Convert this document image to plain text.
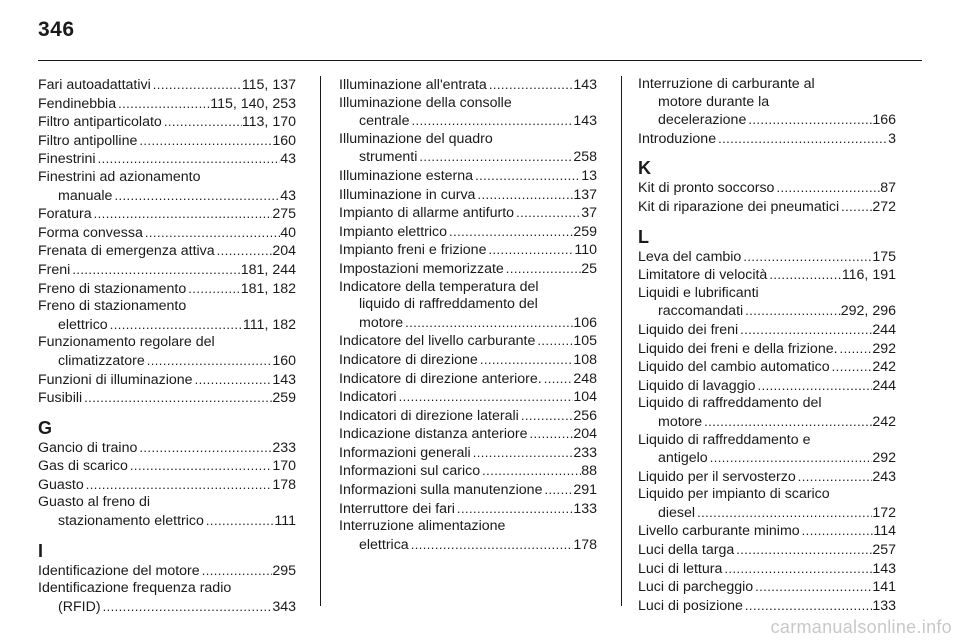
346
Fari autoadattativi . . .	115, 137
Fendinebbia . . .	115, 140, 253
Filtro antiparticolato . . .	113, 170
Filtro antipolline . . .	160
Finestrini . . .	43
Finestrini ad azionamento
manuale . . .	43
Foratura . . .	275
Forma convessa . . .	40
Frenata di emergenza attiva . . .	204
Freni . . .	181, 244
Freno di stazionamento . . .	181, 182
Freno di stazionamento
elettrico . . .	111, 182
Funzionamento regolare del
climatizzatore . . .	160
Funzioni di illuminazione . . .	143
Fusibili . . .	259
G
Gancio di traino . . .	233
Gas di scarico . . .	170
Guasto . . .	178
Guasto al freno di
stazionamento elettrico . . .	111
I
Identificazione del motore . . .	295
Identificazione frequenza radio
(RFID) . . .	343
Illuminazione all'entrata . . .	143
Illuminazione della consolle
centrale . . .	143
Illuminazione del quadro
strumenti . . .	258
Illuminazione esterna . . .	13
Illuminazione in curva . . .	137
Impianto di allarme antifurto . . .	37
Impianto elettrico . . .	259
Impianto freni e frizione . . .	110
Impostazioni memorizzate . . .	25
Indicatore della temperatura del
liquido di raffreddamento del
motore . . .	106
Indicatore del livello carburante . . .	105
Indicatore di direzione . . .	108
Indicatore di direzione anteriore. . . . 248
Indicatori . . .	104
Indicatori di direzione laterali . . .	256
Indicazione distanza anteriore . . .	204
Informazioni generali . . .	233
Informazioni sul carico . . .	88
Informazioni sulla manutenzione . . . 291
Interruttore dei fari . . .	133
Interruzione alimentazione
elettrica . . .	178
Interruzione di carburante al
motore durante la
decelerazione . . .	166
Introduzione . . .	3
K
Kit di pronto soccorso . . .	87
Kit di riparazione dei pneumatici . . . 272
L
Leva del cambio . . .	175
Limitatore di velocità . . .	116, 191
Liquidi e lubrificanti
raccomandati . . .	292, 296
Liquido dei freni . . .	244
Liquido dei freni e della frizione. . . . 292
Liquido del cambio automatico . . .	242
Liquido di lavaggio . . .	244
Liquido di raffreddamento del
motore . . .	242
Liquido di raffreddamento e
antigelo . . .	292
Liquido per il servosterzo . . .	243
Liquido per impianto di scarico
diesel . . .	172
Livello carburante minimo . . .	114
Luci della targa . . .	257
Luci di lettura . . .	143
Luci di parcheggio . . .	141
Luci di posizione . . .	133
carmanualsonline.info
